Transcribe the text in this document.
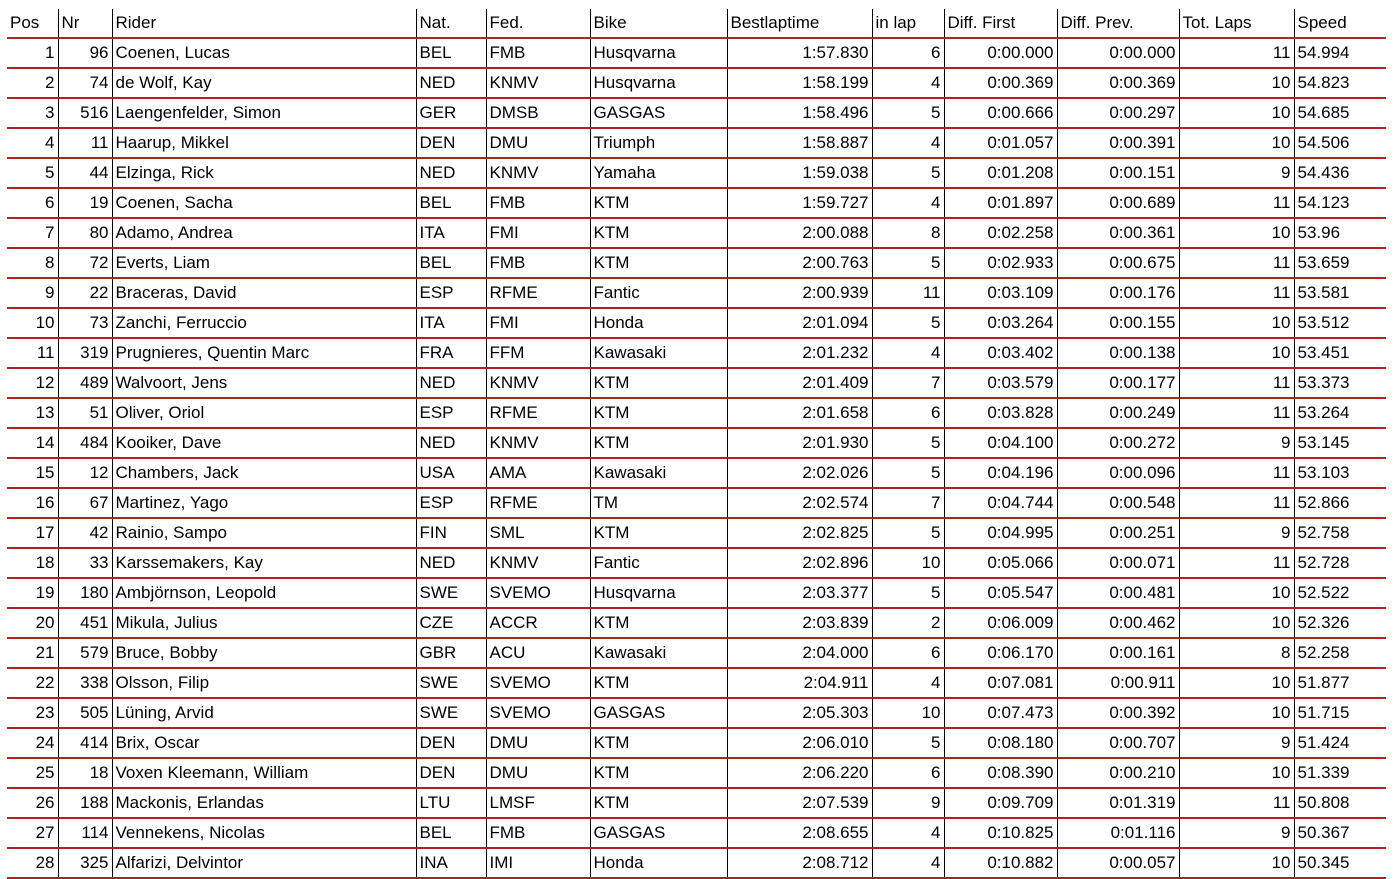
Pos	Nr	Rider	Nat.	Fed.	Bike	Bestlaptime	in lap	Diff. First	Diff. Prev.	Tot. Laps	Speed
1	96	Coenen, Lucas	BEL	FMB	Husqvarna	1:57.830	6	0:00.000	0:00.000	11	54.994
2	74	de Wolf, Kay	NED	KNMV	Husqvarna	1:58.199	4	0:00.369	0:00.369	10	54.823
3	516	Laengenfelder, Simon	GER	DMSB	GASGAS	1:58.496	5	0:00.666	0:00.297	10	54.685
4	11	Haarup, Mikkel	DEN	DMU	Triumph	1:58.887	4	0:01.057	0:00.391	10	54.506
5	44	Elzinga, Rick	NED	KNMV	Yamaha	1:59.038	5	0:01.208	0:00.151	9	54.436
6	19	Coenen, Sacha	BEL	FMB	KTM	1:59.727	4	0:01.897	0:00.689	11	54.123
7	80	Adamo, Andrea	ITA	FMI	KTM	2:00.088	8	0:02.258	0:00.361	10	53.96
8	72	Everts, Liam	BEL	FMB	KTM	2:00.763	5	0:02.933	0:00.675	11	53.659
9	22	Braceras, David	ESP	RFME	Fantic	2:00.939	11	0:03.109	0:00.176	11	53.581
10	73	Zanchi, Ferruccio	ITA	FMI	Honda	2:01.094	5	0:03.264	0:00.155	10	53.512
11	319	Prugnieres, Quentin Marc	FRA	FFM	Kawasaki	2:01.232	4	0:03.402	0:00.138	10	53.451
12	489	Walvoort, Jens	NED	KNMV	KTM	2:01.409	7	0:03.579	0:00.177	11	53.373
13	51	Oliver, Oriol	ESP	RFME	KTM	2:01.658	6	0:03.828	0:00.249	11	53.264
14	484	Kooiker, Dave	NED	KNMV	KTM	2:01.930	5	0:04.100	0:00.272	9	53.145
15	12	Chambers, Jack	USA	AMA	Kawasaki	2:02.026	5	0:04.196	0:00.096	11	53.103
16	67	Martinez, Yago	ESP	RFME	TM	2:02.574	7	0:04.744	0:00.548	11	52.866
17	42	Rainio, Sampo	FIN	SML	KTM	2:02.825	5	0:04.995	0:00.251	9	52.758
18	33	Karssemakers, Kay	NED	KNMV	Fantic	2:02.896	10	0:05.066	0:00.071	11	52.728
19	180	Ambjörnson, Leopold	SWE	SVEMO	Husqvarna	2:03.377	5	0:05.547	0:00.481	10	52.522
20	451	Mikula, Julius	CZE	ACCR	KTM	2:03.839	2	0:06.009	0:00.462	10	52.326
21	579	Bruce, Bobby	GBR	ACU	Kawasaki	2:04.000	6	0:06.170	0:00.161	8	52.258
22	338	Olsson, Filip	SWE	SVEMO	KTM	2:04.911	4	0:07.081	0:00.911	10	51.877
23	505	Lüning, Arvid	SWE	SVEMO	GASGAS	2:05.303	10	0:07.473	0:00.392	10	51.715
24	414	Brix, Oscar	DEN	DMU	KTM	2:06.010	5	0:08.180	0:00.707	9	51.424
25	18	Voxen Kleemann, William	DEN	DMU	KTM	2:06.220	6	0:08.390	0:00.210	10	51.339
26	188	Mackonis, Erlandas	LTU	LMSF	KTM	2:07.539	9	0:09.709	0:01.319	11	50.808
27	114	Vennekens, Nicolas	BEL	FMB	GASGAS	2:08.655	4	0:10.825	0:01.116	9	50.367
28	325	Alfarizi, Delvintor	INA	IMI	Honda	2:08.712	4	0:10.882	0:00.057	10	50.345
